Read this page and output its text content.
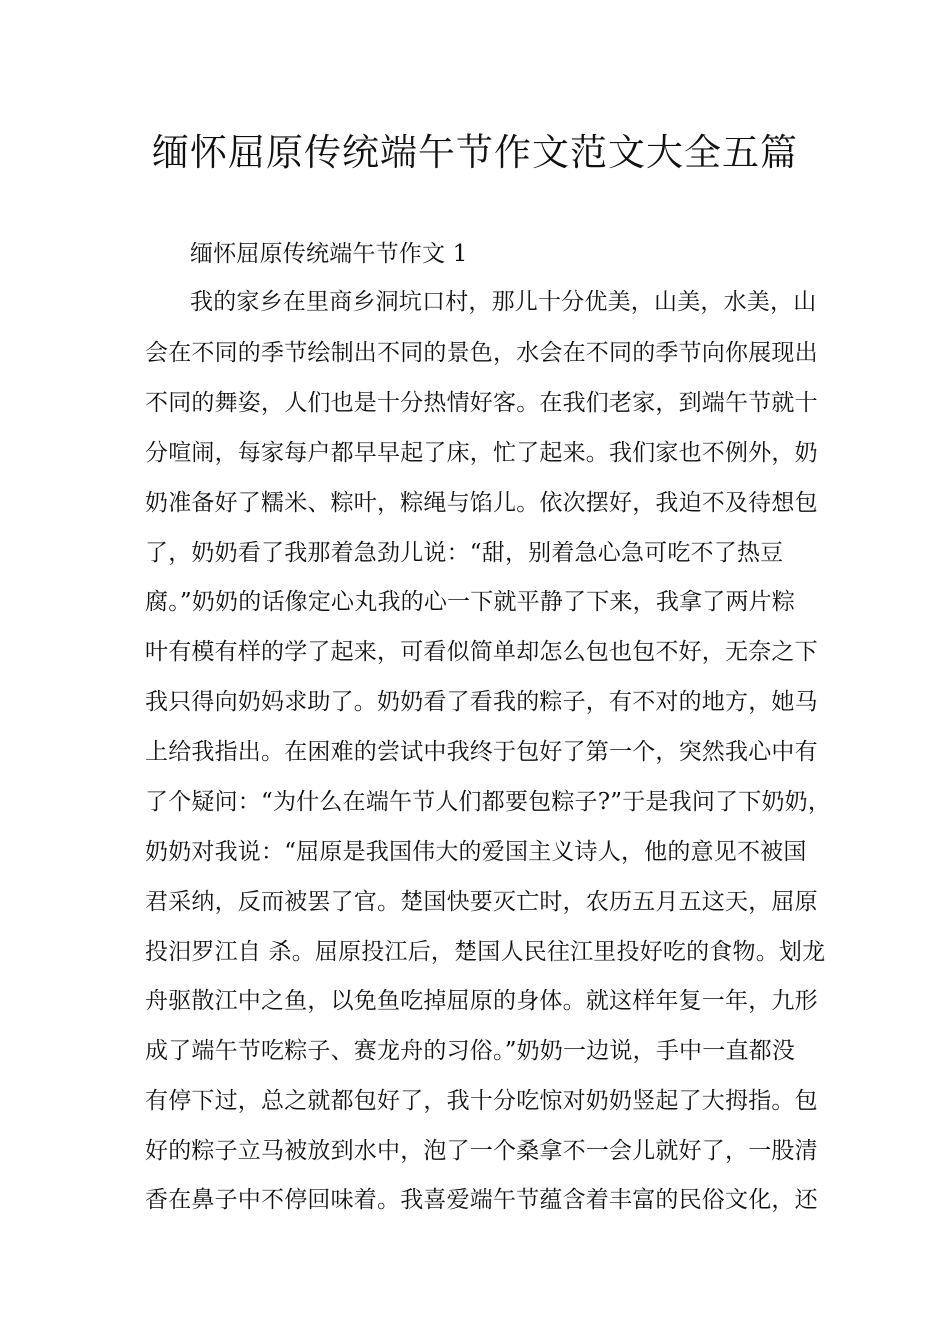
缅怀屈原传统端午节作文范文大全五篇
缅怀屈原传统端午节作文 1
我的家乡在里商乡洞坑口村，那儿十分优美，山美，水美，山
会在不同的季节绘制出不同的景色，水会在不同的季节向你展现出
不同的舞姿，人们也是十分热情好客。在我们老家，到端午节就十
分喧闹，每家每户都早早起了床，忙了起来。我们家也不例外，奶
奶准备好了糯米、粽叶，粽绳与馅儿。依次摆好，我迫不及待想包
了，奶奶看了我那着急劲儿说：“甜，别着急心急可吃不了热豆
腐。”奶奶的话像定心丸我的心一下就平静了下来，我拿了两片粽
叶有模有样的学了起来，可看似简单却怎么包也包不好，无奈之下
我只得向奶妈求助了。奶奶看了看我的粽子，有不对的地方，她马
上给我指出。在困难的尝试中我终于包好了第一个，突然我心中有
了个疑问：“为什么在端午节人们都要包粽子?”于是我问了下奶奶，
奶奶对我说：“屈原是我国伟大的爱国主义诗人，他的意见不被国
君采纳，反而被罢了官。楚国快要灭亡时，农历五月五这天，屈原
投汨罗江自 杀。屈原投江后，楚国人民往江里投好吃的食物。划龙
舟驱散江中之鱼，以免鱼吃掉屈原的身体。就这样年复一年，九形
成了端午节吃粽子、赛龙舟的习俗。”奶奶一边说，手中一直都没
有停下过，总之就都包好了，我十分吃惊对奶奶竖起了大拇指。包
好的粽子立马被放到水中，泡了一个桑拿不一会儿就好了，一股清
香在鼻子中不停回味着。我喜爱端午节蕴含着丰富的民俗文化，还
